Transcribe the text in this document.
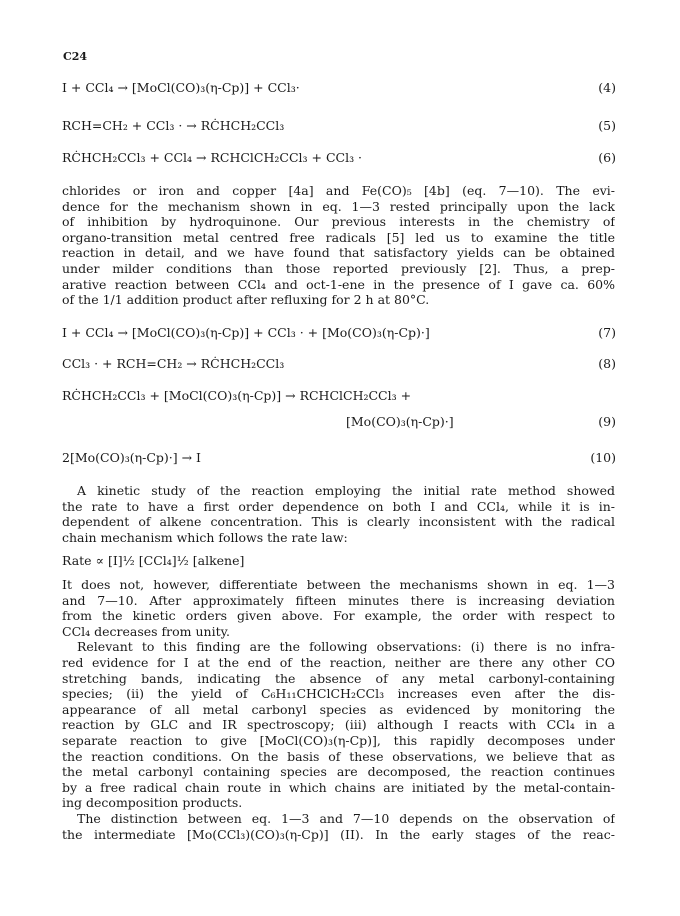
C24
I + CCl₄ → [MoCl(CO)₃(η-Cp)] + CCl₃·	(4)
RCH=CH₂ + CCl₃ · → RĊHCH₂CCl₃	(5)
RĊHCH₂CCl₃ + CCl₄ → RCHClCH₂CCl₃ + CCl₃ ·	(6)
chlorides or iron and copper [4a] and Fe(CO)₅ [4b] (eq. 7—10). The evi-
dence for the mechanism shown in eq. 1—3 rested principally upon the lack
of inhibition by hydroquinone. Our previous interests in the chemistry of
organo-transition metal centred free radicals [5] led us to examine the title
reaction in detail, and we have found that satisfactory yields can be obtained
under milder conditions than those reported previously [2]. Thus, a prep-
arative reaction between CCl₄ and oct-1-ene in the presence of I gave ca. 60%
of the 1/1 addition product after refluxing for 2 h at 80°C.
I + CCl₄ → [MoCl(CO)₃(η-Cp)] + CCl₃ · + [Mo(CO)₃(η-Cp)·]	(7)
CCl₃ · + RCH=CH₂ → RĊHCH₂CCl₃	(8)
RĊHCH₂CCl₃ + [MoCl(CO)₃(η-Cp)] → RCHClCH₂CCl₃ +
[Mo(CO)₃(η-Cp)·]	(9)
2[Mo(CO)₃(η-Cp)·] → I	(10)
A kinetic study of the reaction employing the initial rate method showed
the rate to have a first order dependence on both I and CCl₄, while it is in-
dependent of alkene concentration. This is clearly inconsistent with the radical
chain mechanism which follows the rate law:
Rate ∝ [I]½ [CCl₄]½ [alkene]
It does not, however, differentiate between the mechanisms shown in eq. 1—3
and 7—10. After approximately fifteen minutes there is increasing deviation
from the kinetic orders given above. For example, the order with respect to
CCl₄ decreases from unity.
Relevant to this finding are the following observations: (i) there is no infra-
red evidence for I at the end of the reaction, neither are there any other CO
stretching bands, indicating the absence of any metal carbonyl-containing
species; (ii) the yield of C₆H₁₁CHClCH₂CCl₃ increases even after the dis-
appearance of all metal carbonyl species as evidenced by monitoring the
reaction by GLC and IR spectroscopy; (iii) although I reacts with CCl₄ in a
separate reaction to give [MoCl(CO)₃(η-Cp)], this rapidly decomposes under
the reaction conditions. On the basis of these observations, we believe that as
the metal carbonyl containing species are decomposed, the reaction continues
by a free radical chain route in which chains are initiated by the metal-contain-
ing decomposition products.
The distinction between eq. 1—3 and 7—10 depends on the observation of
the intermediate [Mo(CCl₃)(CO)₃(η-Cp)] (II). In the early stages of the reac-
